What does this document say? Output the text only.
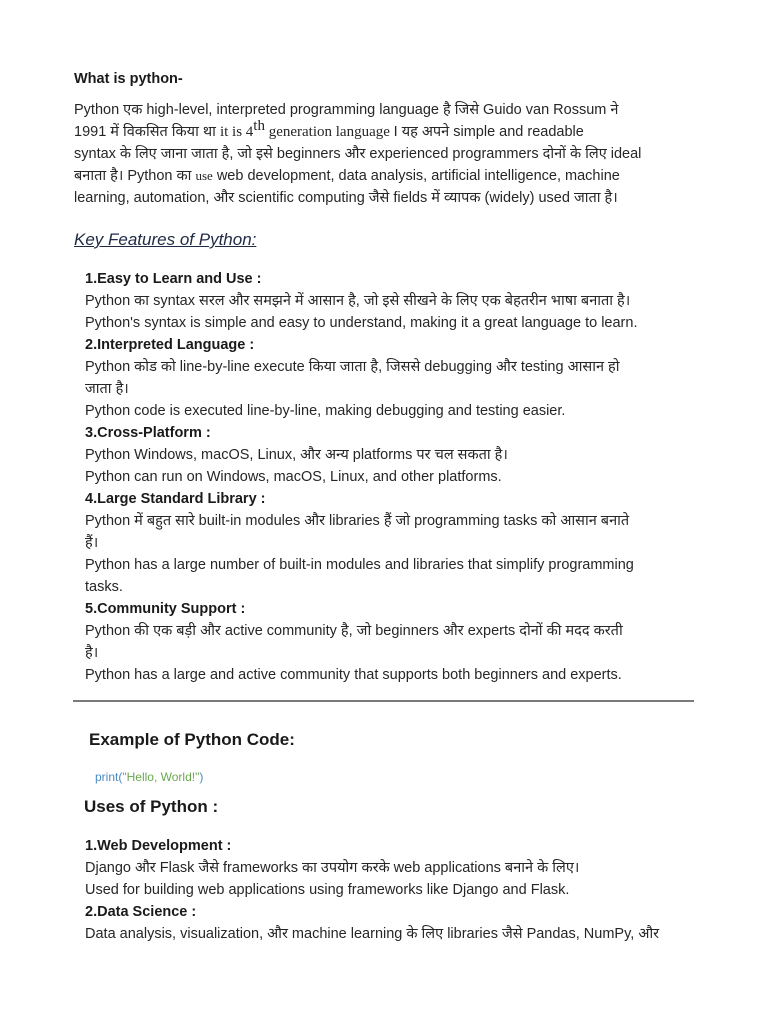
What is python-

Python एक high-level, interpreted programming language है जिसे Guido van Rossum ने
1991 में विकसित किया था it is 4th generation language I यह अपने simple and readable
syntax के लिए जाना जाता है, जो इसे beginners और experienced programmers दोनों के लिए ideal
बनाता है। Python का use web development, data analysis, artificial intelligence, machine
learning, automation, और scientific computing जैसे fields में व्यापक (widely) used जाता है।

Key Features of Python:

1.Easy to Learn and Use :
Python का syntax सरल और समझने में आसान है, जो इसे सीखने के लिए एक बेहतरीन भाषा बनाता है।
Python's syntax is simple and easy to understand, making it a great language to learn.
2.Interpreted Language :
Python कोड को line-by-line execute किया जाता है, जिससे debugging और testing आसान हो
जाता है।
Python code is executed line-by-line, making debugging and testing easier.
3.Cross-Platform :
Python Windows, macOS, Linux, और अन्य platforms पर चल सकता है।
Python can run on Windows, macOS, Linux, and other platforms.
4.Large Standard Library :
Python में बहुत सारे built-in modules और libraries हैं जो programming tasks को आसान बनाते
हैं।
Python has a large number of built-in modules and libraries that simplify programming
tasks.
5.Community Support :
Python की एक बड़ी और active community है, जो beginners और experts दोनों की मदद करती
है।
Python has a large and active community that supports both beginners and experts.

Example of Python Code:

print("Hello, World!")

Uses of Python :

1.Web Development :
Django और Flask जैसे frameworks का उपयोग करके web applications बनाने के लिए।
Used for building web applications using frameworks like Django and Flask.
2.Data Science :
Data analysis, visualization, और machine learning के लिए libraries जैसे Pandas, NumPy, और
